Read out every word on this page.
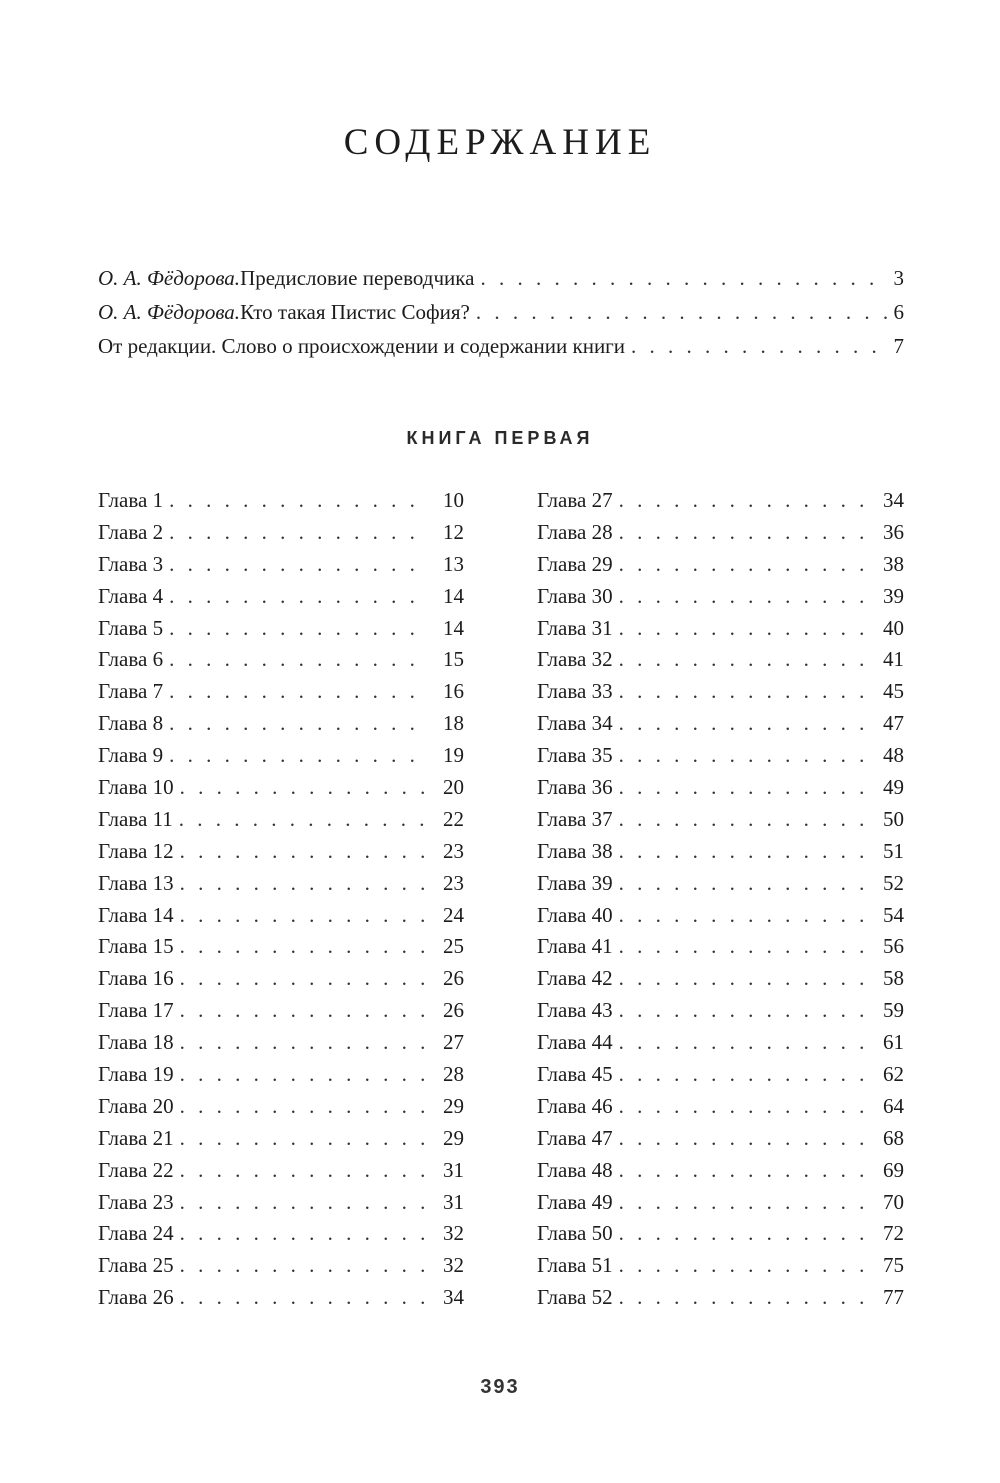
СОДЕРЖАНИЕ
О. А. Фёдорова. Предисловие переводчика . . .	3
О. А. Фёдорова. Кто такая Пистис София? . . .	6
От редакции. Слово о происхождении и содержании книги . . .	7
КНИГА ПЕРВАЯ
Глава 1 . . .	10
Глава 2 . . .	12
Глава 3 . . .	13
Глава 4 . . .	14
Глава 5 . . .	14
Глава 6 . . .	15
Глава 7 . . .	16
Глава 8 . . .	18
Глава 9 . . .	19
Глава 10 . . .	20
Глава 11 . . .	22
Глава 12 . . .	23
Глава 13 . . .	23
Глава 14 . . .	24
Глава 15 . . .	25
Глава 16 . . .	26
Глава 17 . . .	26
Глава 18 . . .	27
Глава 19 . . .	28
Глава 20 . . .	29
Глава 21 . . .	29
Глава 22 . . .	31
Глава 23 . . .	31
Глава 24 . . .	32
Глава 25 . . .	32
Глава 26 . . .	34
Глава 27 . . .	34
Глава 28 . . .	36
Глава 29 . . .	38
Глава 30 . . .	39
Глава 31 . . .	40
Глава 32 . . .	41
Глава 33 . . .	45
Глава 34 . . .	47
Глава 35 . . .	48
Глава 36 . . .	49
Глава 37 . . .	50
Глава 38 . . .	51
Глава 39 . . .	52
Глава 40 . . .	54
Глава 41 . . .	56
Глава 42 . . .	58
Глава 43 . . .	59
Глава 44 . . .	61
Глава 45 . . .	62
Глава 46 . . .	64
Глава 47 . . .	68
Глава 48 . . .	69
Глава 49 . . .	70
Глава 50 . . .	72
Глава 51 . . .	75
Глава 52 . . .	77
393
